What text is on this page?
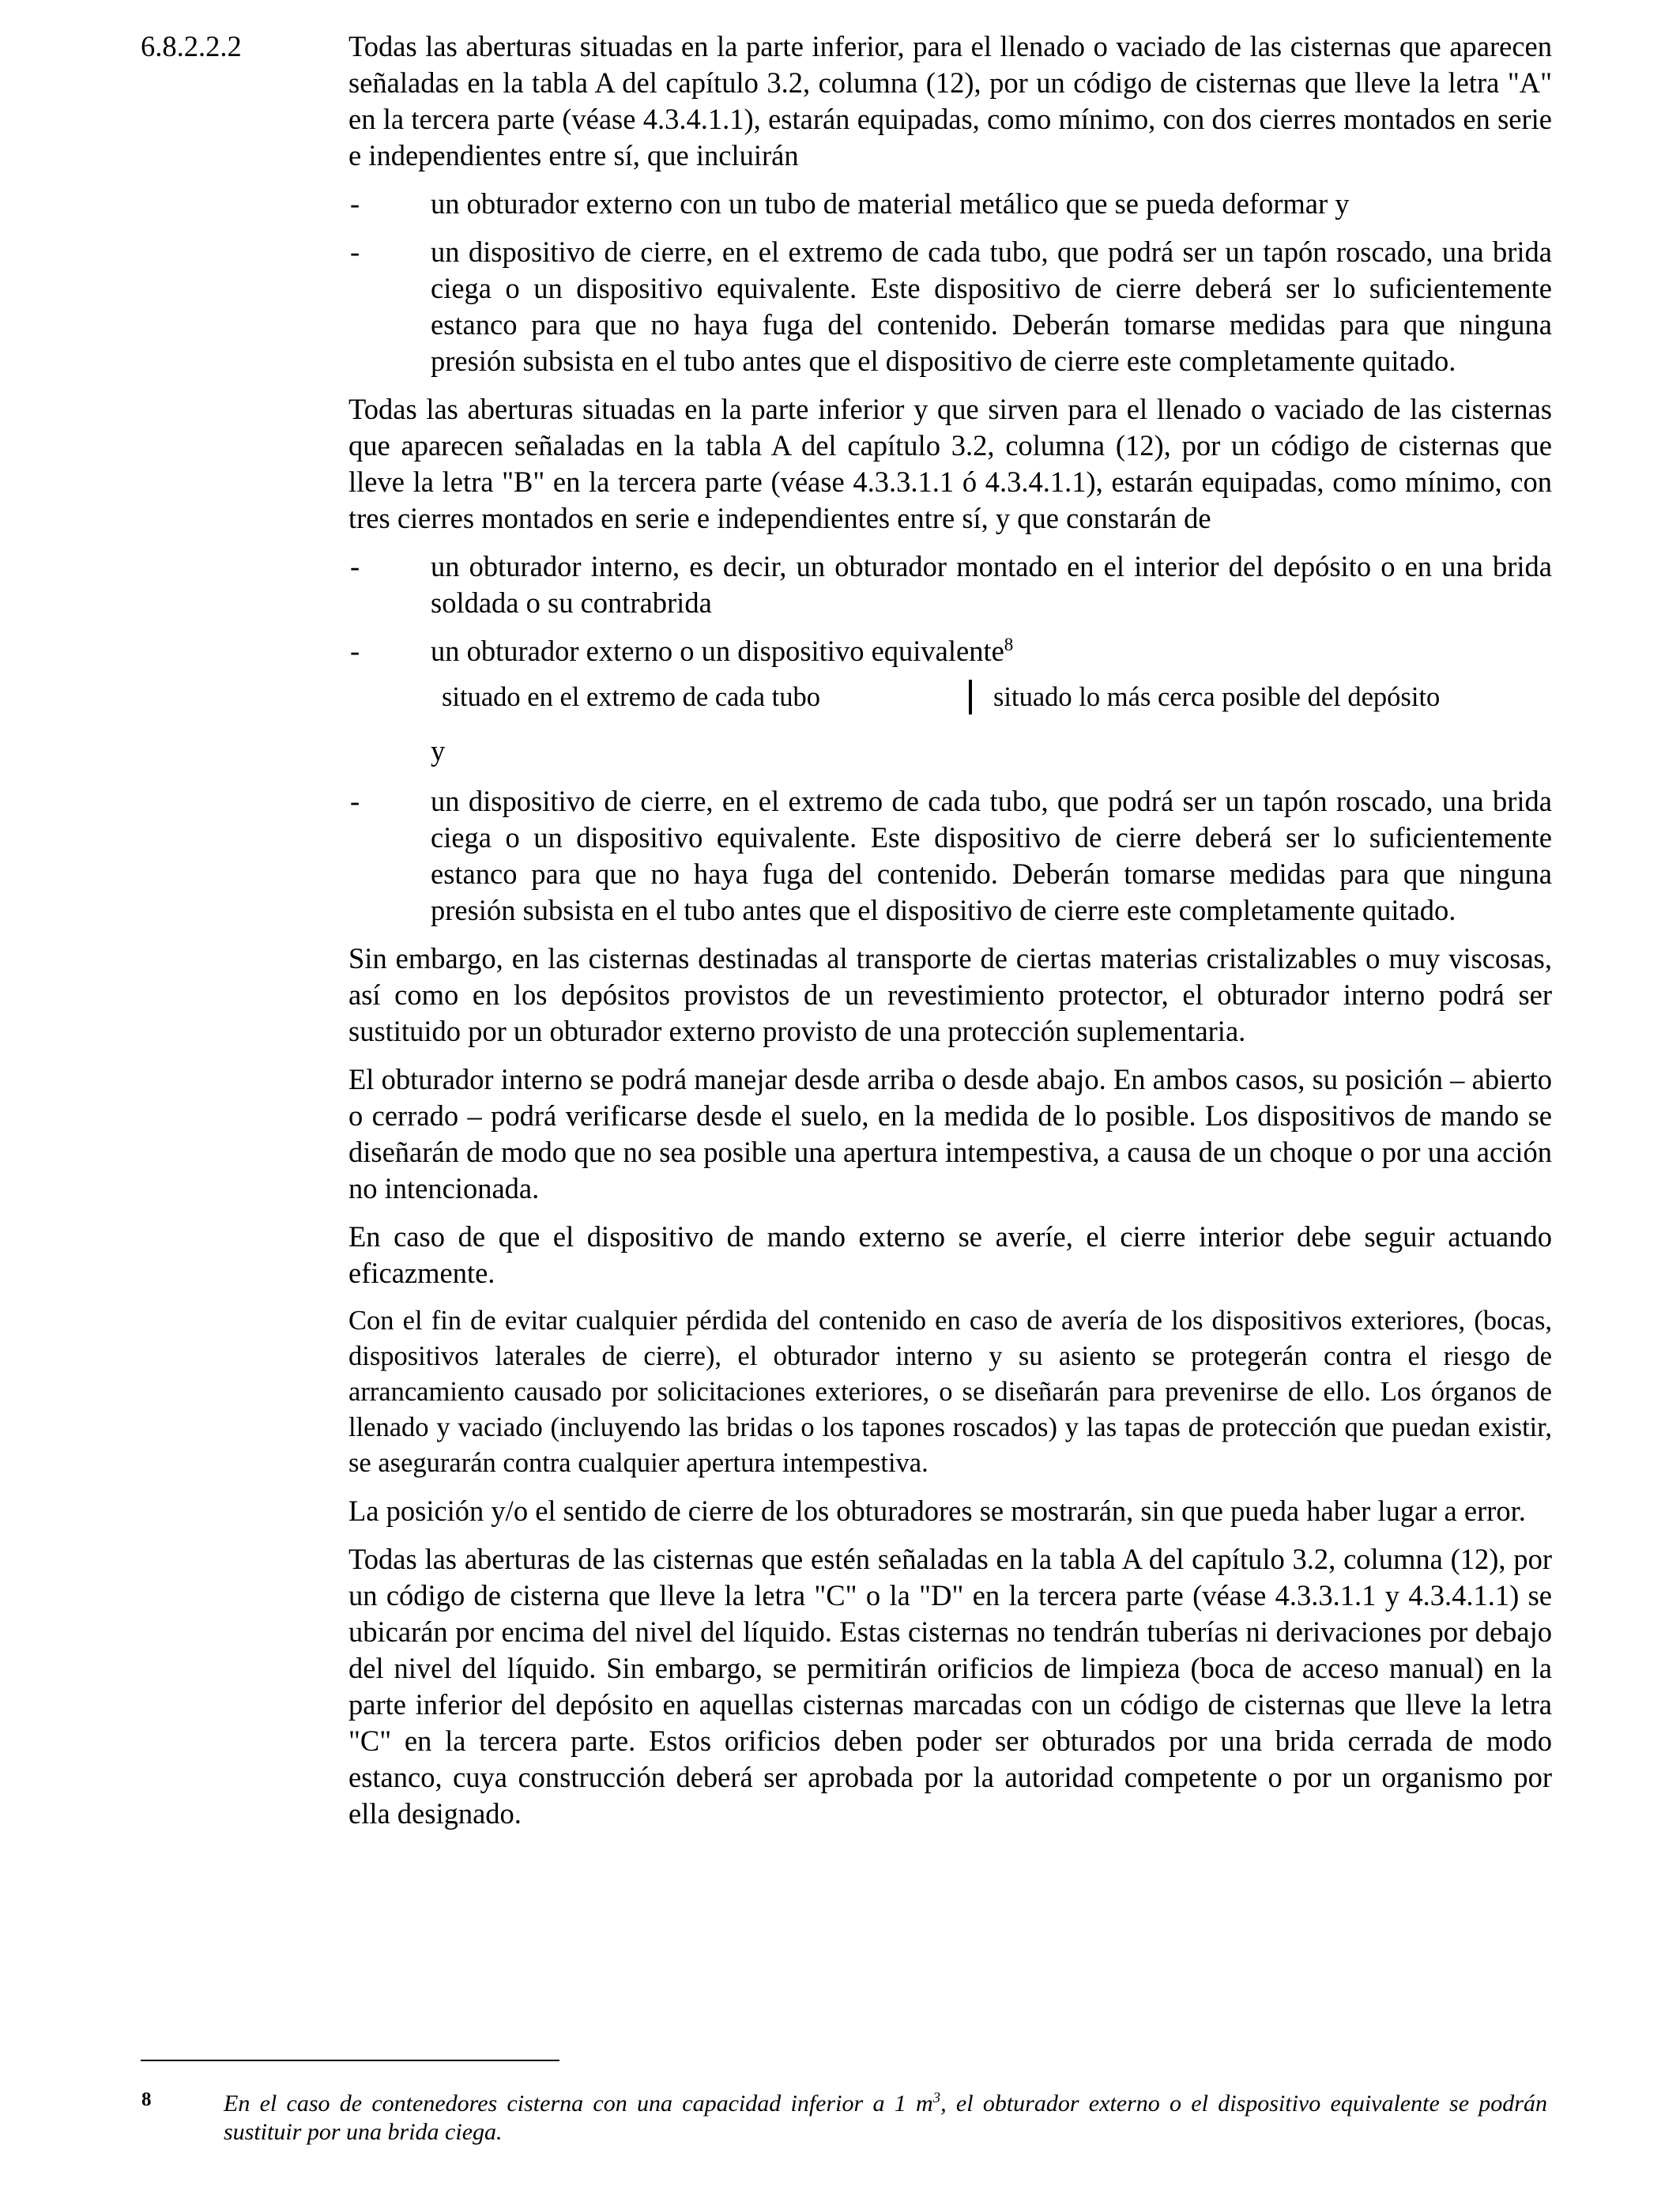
6.8.2.2.2	Todas las aberturas situadas en la parte inferior, para el llenado o vaciado de las cisternas que aparecen señaladas en la tabla A del capítulo 3.2, columna (12), por un código de cisternas que lleve la letra "A" en la tercera parte (véase 4.3.4.1.1), estarán equipadas, como mínimo, con dos cierres montados en serie e independientes entre sí, que incluirán

- un obturador externo con un tubo de material metálico que se pueda deformar y
- un dispositivo de cierre, en el extremo de cada tubo, que podrá ser un tapón roscado, una brida ciega o un dispositivo equivalente. Este dispositivo de cierre deberá ser lo suficientemente estanco para que no haya fuga del contenido. Deberán tomarse medidas para que ninguna presión subsista en el tubo antes que el dispositivo de cierre este completamente quitado.

Todas las aberturas situadas en la parte inferior y que sirven para el llenado o vaciado de las cisternas que aparecen señaladas en la tabla A del capítulo 3.2, columna (12), por un código de cisternas que lleve la letra "B" en la tercera parte (véase 4.3.3.1.1 ó 4.3.4.1.1), estarán equipadas, como mínimo, con tres cierres montados en serie e independientes entre sí, y que constarán de

- un obturador interno, es decir, un obturador montado en el interior del depósito o en una brida soldada o su contrabrida
- un obturador externo o un dispositivo equivalente$^8$
situado en el extremo de cada tubo	situado lo más cerca posible del depósito
y
- un dispositivo de cierre, en el extremo de cada tubo, que podrá ser un tapón roscado, una brida ciega o un dispositivo equivalente. Este dispositivo de cierre deberá ser lo suficientemente estanco para que no haya fuga del contenido. Deberán tomarse medidas para que ninguna presión subsista en el tubo antes que el dispositivo de cierre este completamente quitado.

Sin embargo, en las cisternas destinadas al transporte de ciertas materias cristalizables o muy viscosas, así como en los depósitos provistos de un revestimiento protector, el obturador interno podrá ser sustituido por un obturador externo provisto de una protección suplementaria.

El obturador interno se podrá manejar desde arriba o desde abajo. En ambos casos, su posición – abierto o cerrado – podrá verificarse desde el suelo, en la medida de lo posible. Los dispositivos de mando se diseñarán de modo que no sea posible una apertura intempestiva, a causa de un choque o por una acción no intencionada.

En caso de que el dispositivo de mando externo se averíe, el cierre interior debe seguir actuando eficazmente.

Con el fin de evitar cualquier pérdida del contenido en caso de avería de los dispositivos exteriores, (bocas, dispositivos laterales de cierre), el obturador interno y su asiento se protegerán contra el riesgo de arrancamiento causado por solicitaciones exteriores, o se diseñarán para prevenirse de ello. Los órganos de llenado y vaciado (incluyendo las bridas o los tapones roscados) y las tapas de protección que puedan existir, se asegurarán contra cualquier apertura intempestiva.

La posición y/o el sentido de cierre de los obturadores se mostrarán, sin que pueda haber lugar a error.

Todas las aberturas de las cisternas que estén señaladas en la tabla A del capítulo 3.2, columna (12), por un código de cisterna que lleve la letra "C" o la "D" en la tercera parte (véase 4.3.3.1.1 y 4.3.4.1.1) se ubicarán por encima del nivel del líquido. Estas cisternas no tendrán tuberías ni derivaciones por debajo del nivel del líquido. Sin embargo, se permitirán orificios de limpieza (boca de acceso manual) en la parte inferior del depósito en aquellas cisternas marcadas con un código de cisternas que lleve la letra "C" en la tercera parte. Estos orificios deben poder ser obturados por una brida cerrada de modo estanco, cuya construcción deberá ser aprobada por la autoridad competente o por un organismo por ella designado.

8	En el caso de contenedores cisterna con una capacidad inferior a 1 $m^3$, el obturador externo o el dispositivo equivalente se podrán sustituir por una brida ciega.
